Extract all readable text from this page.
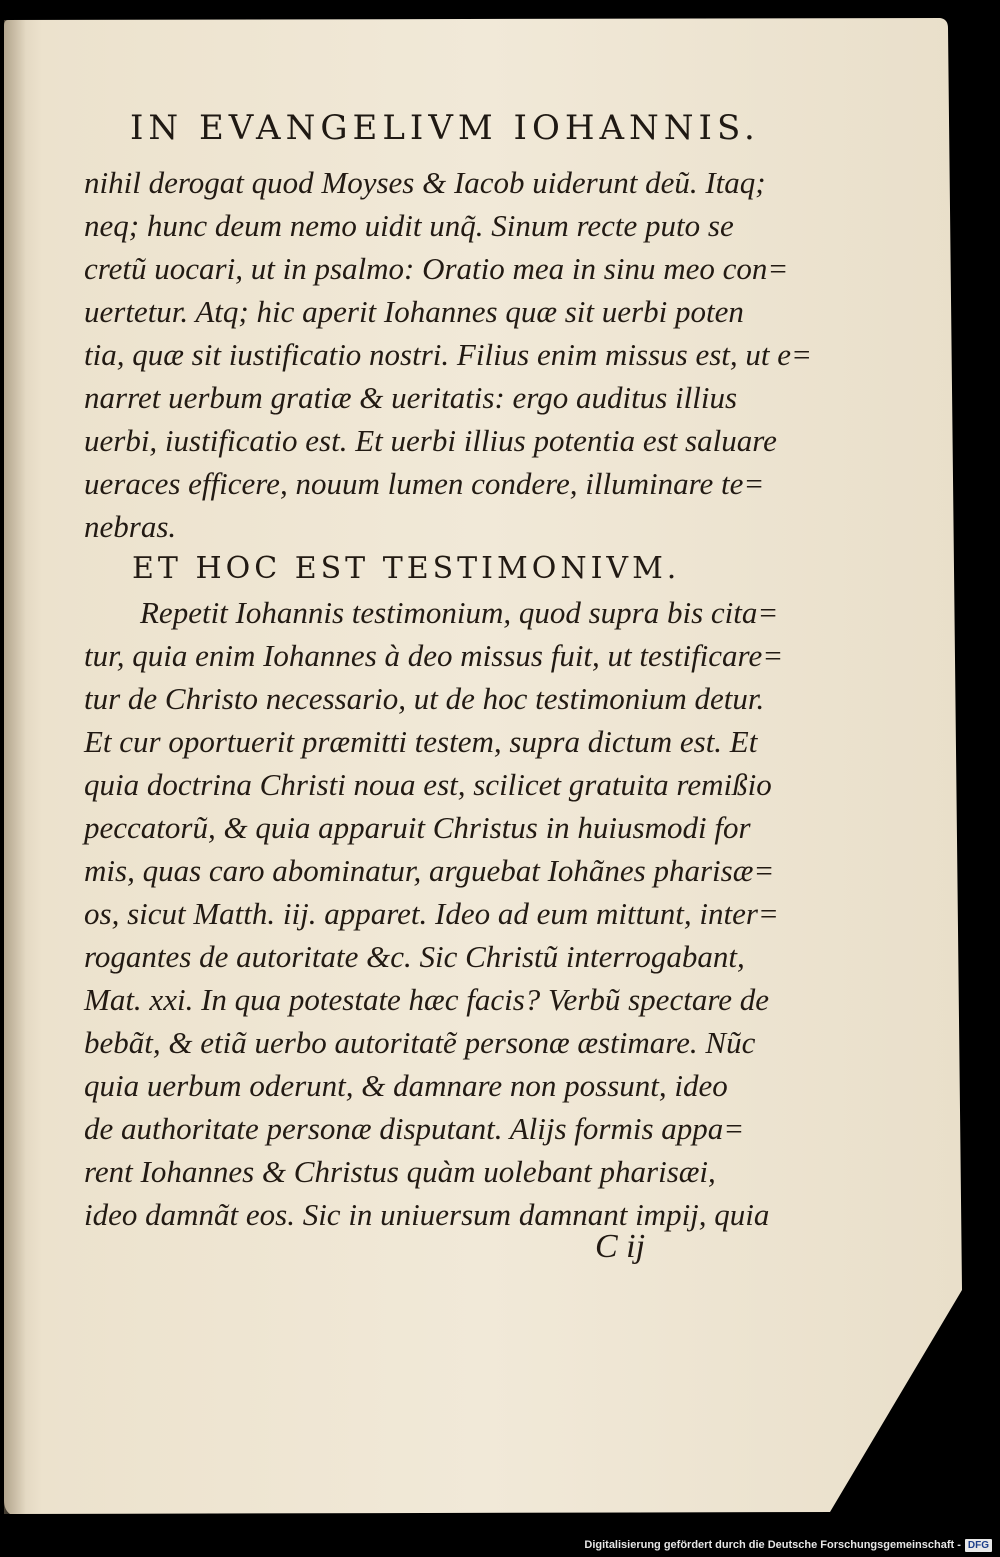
IN EVANGELIVM IOHANNIS.
nihil derogat quod Moyses & Iacob uiderunt deũ. Itaq;
neq; hunc deum nemo uidit unq̃. Sinum recte puto se
cretũ uocari, ut in psalmo: Oratio mea in sinu meo con=
uertetur. Atq; hic aperit Iohannes quæ sit uerbi poten
tia, quæ sit iustificatio nostri. Filius enim missus est, ut e=
narret uerbum gratiæ & ueritatis: ergo auditus illius
uerbi, iustificatio est. Et uerbi illius potentia est saluare
ueraces efficere, nouum lumen condere, illuminare te=
nebras.
ET HOC EST TESTIMONIVM.
Repetit Iohannis testimonium, quod supra bis cita=
tur, quia enim Iohannes à deo missus fuit, ut testificare=
tur de Christo necessario, ut de hoc testimonium detur.
Et cur oportuerit præmitti testem, supra dictum est. Et
quia doctrina Christi noua est, scilicet gratuita remißio
peccatorũ, & quia apparuit Christus in huiusmodi for
mis, quas caro abominatur, arguebat Iohãnes pharisæ=
os, sicut Matth. iij. apparet. Ideo ad eum mittunt, inter=
rogantes de autoritate &c. Sic Christũ interrogabant,
Mat. xxi. In qua potestate hæc facis? Verbũ spectare de
bebãt, & etiã uerbo autoritatẽ personæ æstimare. Nũc
quia uerbum oderunt, & damnare non possunt, ideo
de authoritate personæ disputant. Alijs formis appa=
rent Iohannes & Christus quàm uolebant pharisæi,
ideo damnãt eos. Sic in uniuersum damnant impij, quia
C ij
Digitalisierung gefördert durch die Deutsche Forschungsgemeinschaft - DFG
